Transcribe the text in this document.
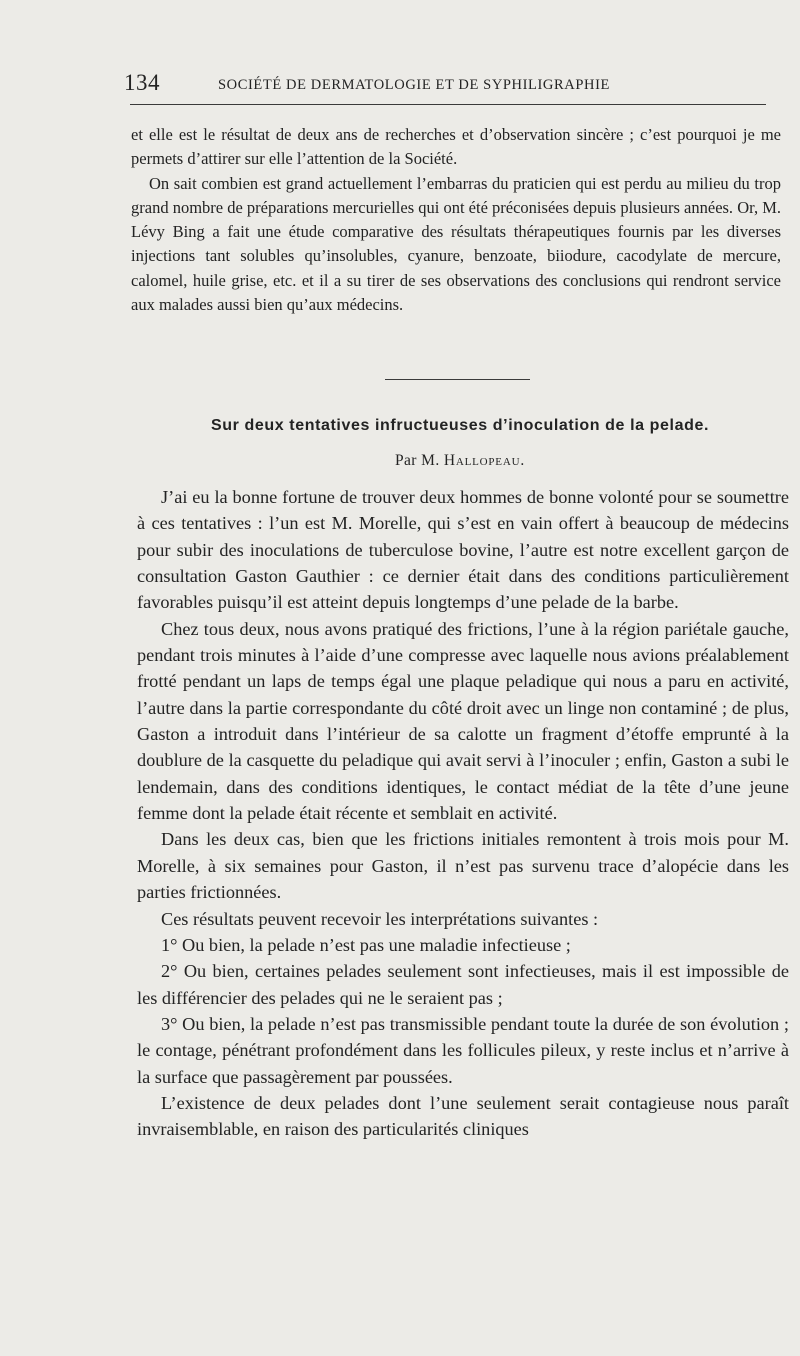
134	SOCIÉTÉ DE DERMATOLOGIE ET DE SYPHILIGRAPHIE

et elle est le résultat de deux ans de recherches et d’observation sincère ; c’est pourquoi je me permets d’attirer sur elle l’attention de la Société.

On sait combien est grand actuellement l’embarras du praticien qui est perdu au milieu du trop grand nombre de préparations mercurielles qui ont été préconisées depuis plusieurs années. Or, M. Lévy Bing a fait une étude comparative des résultats thérapeutiques fournis par les diverses injections tant solubles qu’insolubles, cyanure, benzoate, biiodure, cacodylate de mercure, calomel, huile grise, etc. et il a su tirer de ses observations des conclusions qui rendront service aux malades aussi bien qu’aux médecins.

Sur deux tentatives infructueuses d’inoculation de la pelade.
Par M. Hallopeau.

J’ai eu la bonne fortune de trouver deux hommes de bonne volonté pour se soumettre à ces tentatives : l’un est M. Morelle, qui s’est en vain offert à beaucoup de médecins pour subir des inoculations de tuberculose bovine, l’autre est notre excellent garçon de consultation Gaston Gauthier : ce dernier était dans des conditions particulièrement favorables puisqu’il est atteint depuis longtemps d’une pelade de la barbe.

Chez tous deux, nous avons pratiqué des frictions, l’une à la région pariétale gauche, pendant trois minutes à l’aide d’une compresse avec laquelle nous avions préalablement frotté pendant un laps de temps égal une plaque peladique qui nous a paru en activité, l’autre dans la partie correspondante du côté droit avec un linge non contaminé ; de plus, Gaston a introduit dans l’intérieur de sa calotte un fragment d’étoffe emprunté à la doublure de la casquette du peladique qui avait servi à l’inoculer ; enfin, Gaston a subi le lendemain, dans des conditions identiques, le contact médiat de la tête d’une jeune femme dont la pelade était récente et semblait en activité.

Dans les deux cas, bien que les frictions initiales remontent à trois mois pour M. Morelle, à six semaines pour Gaston, il n’est pas survenu trace d’alopécie dans les parties frictionnées.

Ces résultats peuvent recevoir les interprétations suivantes :

1° Ou bien, la pelade n’est pas une maladie infectieuse ;

2° Ou bien, certaines pelades seulement sont infectieuses, mais il est impossible de les différencier des pelades qui ne le seraient pas ;

3° Ou bien, la pelade n’est pas transmissible pendant toute la durée de son évolution ; le contage, pénétrant profondément dans les follicules pileux, y reste inclus et n’arrive à la surface que passagèrement par poussées.

L’existence de deux pelades dont l’une seulement serait contagieuse nous paraît invraisemblable, en raison des particularités cliniques
